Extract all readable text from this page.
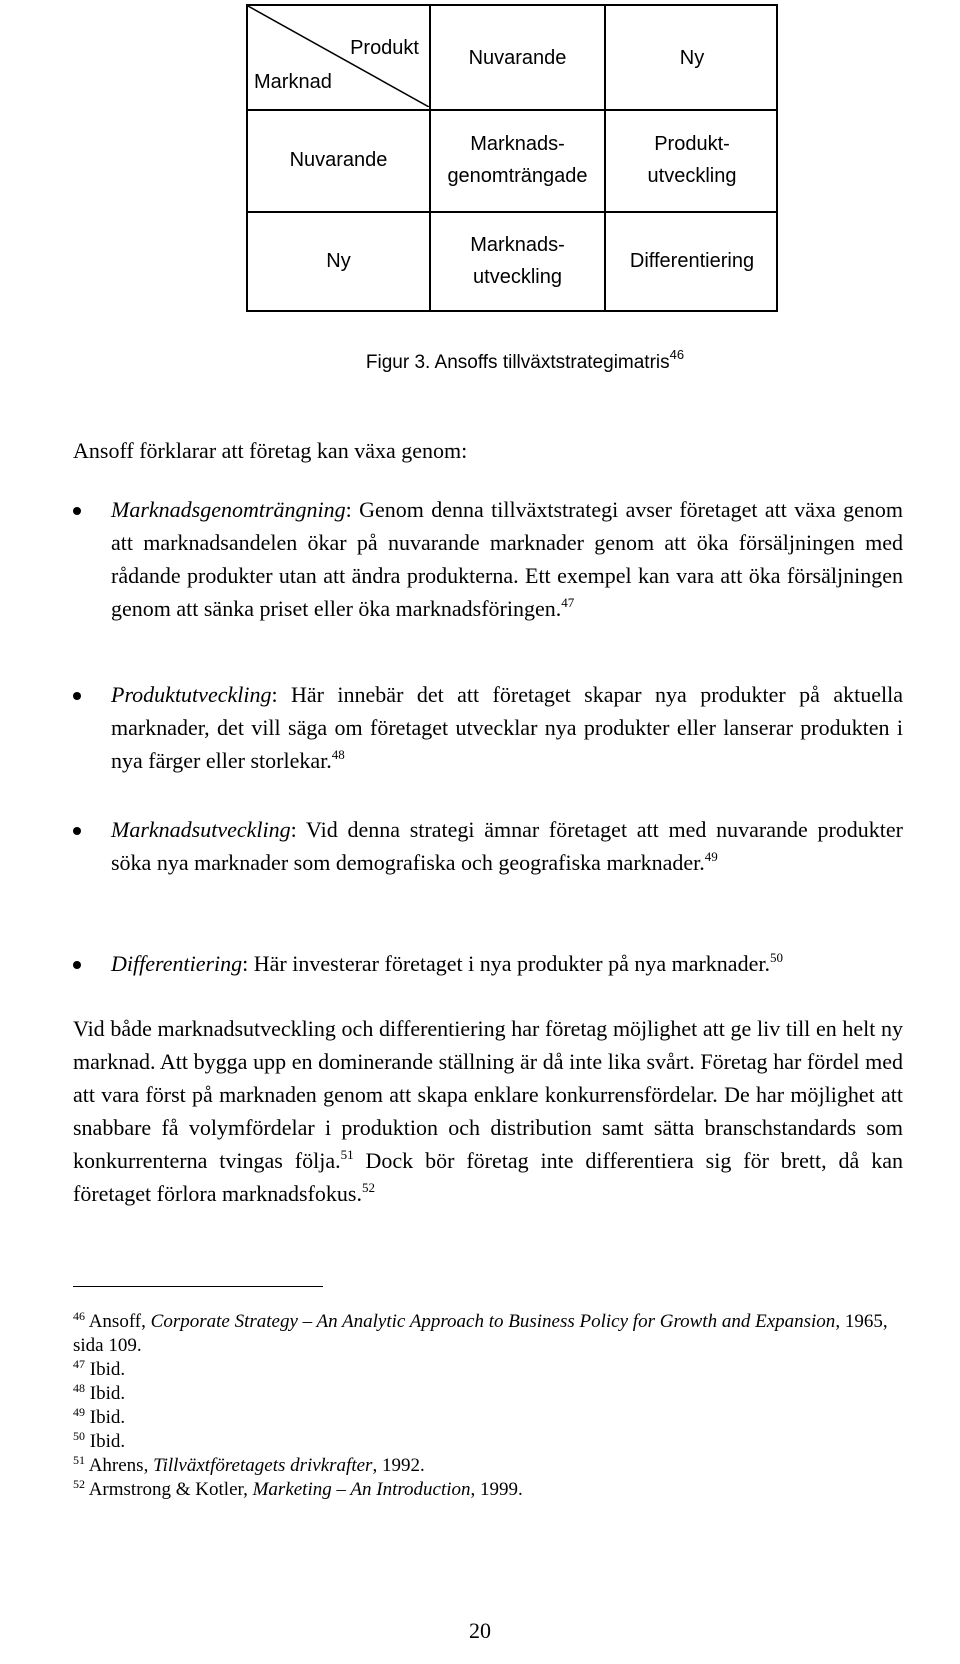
Produkt
Marknad
Nuvarande	Ny
Nuvarande
Marknads-
genomträngade
Produkt-
utveckling
Ny
Marknads-
utveckling
Differentiering
Figur 3. Ansoffs tillväxtstrategimatris$^{46}$
Ansoff förklarar att företag kan växa genom:
Marknadsgenomträngning: Genom denna tillväxtstrategi avser företaget att växa genom att marknadsandelen ökar på nuvarande marknader genom att öka försäljningen med rådande produkter utan att ändra produkterna. Ett exempel kan vara att öka försäljningen genom att sänka priset eller öka marknadsföringen.$^{47}$
Produktutveckling: Här innebär det att företaget skapar nya produkter på aktuella marknader, det vill säga om företaget utvecklar nya produkter eller lanserar produkten i nya färger eller storlekar.$^{48}$
Marknadsutveckling: Vid denna strategi ämnar företaget att med nuvarande produkter söka nya marknader som demografiska och geografiska marknader.$^{49}$
Differentiering: Här investerar företaget i nya produkter på nya marknader.$^{50}$
Vid både marknadsutveckling och differentiering har företag möjlighet att ge liv till en helt ny marknad. Att bygga upp en dominerande ställning är då inte lika svårt. Företag har fördel med att vara först på marknaden genom att skapa enklare konkurrensfördelar. De har möjlighet att snabbare få volymfördelar i produktion och distribution samt sätta branschstandards som konkurrenterna tvingas följa.$^{51}$ Dock bör företag inte differentiera sig för brett, då kan företaget förlora marknadsfokus.$^{52}$
$^{46}$ Ansoff, Corporate Strategy – An Analytic Approach to Business Policy for Growth and Expansion, 1965, sida 109.
$^{47}$ Ibid.
$^{48}$ Ibid.
$^{49}$ Ibid.
$^{50}$ Ibid.
$^{51}$ Ahrens, Tillväxtföretagets drivkrafter, 1992.
$^{52}$ Armstrong & Kotler, Marketing – An Introduction, 1999.
20
